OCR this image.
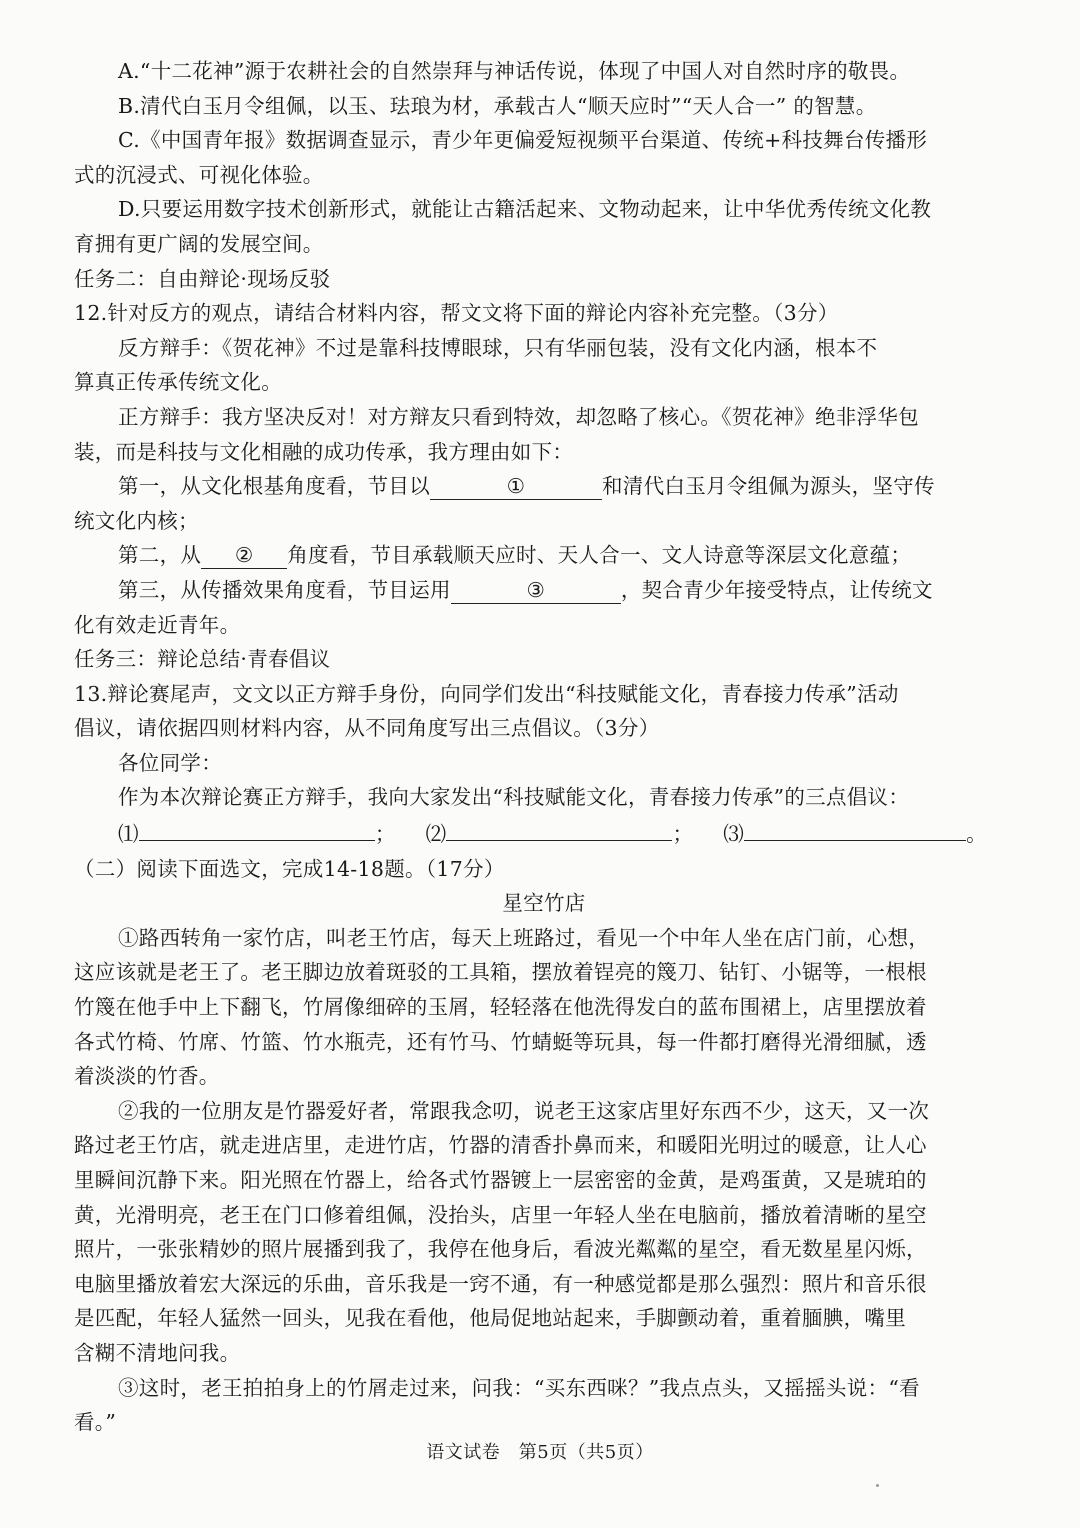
A.“十二花神”源于农耕社会的自然崇拜与神话传说，体现了中国人对自然时序的敬畏。
B.清代白玉月令组佩，以玉、珐琅为材，承载古人“顺天应时”“天人合一” 的智慧。
C.《中国青年报》数据调查显示，青少年更偏爱短视频平台渠道、传统+科技舞台传播形
式的沉浸式、可视化体验。
D.只要运用数字技术创新形式，就能让古籍活起来、文物动起来，让中华优秀传统文化教
育拥有更广阔的发展空间。
任务二：自由辩论·现场反驳
12.针对反方的观点，请结合材料内容，帮文文将下面的辩论内容补充完整。（3分）
反方辩手：《贺花神》不过是靠科技博眼球，只有华丽包装，没有文化内涵，根本不
算真正传承传统文化。
正方辩手：我方坚决反对！对方辩友只看到特效，却忽略了核心。《贺花神》绝非浮华包
装，而是科技与文化相融的成功传承，我方理由如下：
第一，从文化根基角度看，节目以	①	和清代白玉月令组佩为源头，坚守传
统文化内核；
第二，从 ② 角度看，节目承载顺天应时、天人合一、文人诗意等深层文化意蕴；
第三，从传播效果角度看，节目运用	③	，契合青少年接受特点，让传统文
化有效走近青年。
任务三：辩论总结·青春倡议
13.辩论赛尾声，文文以正方辩手身份，向同学们发出“科技赋能文化，青春接力传承”活动
倡议，请依据四则材料内容，从不同角度写出三点倡议。（3分）
各位同学：
作为本次辩论赛正方辩手，我向大家发出“科技赋能文化，青春接力传承”的三点倡议：
⑴	； ⑵	； ⑶	。
（二）阅读下面选文，完成14-18题。（17分）
星空竹店
①路西转角一家竹店，叫老王竹店，每天上班路过，看见一个中年人坐在店门前，心想，
这应该就是老王了。老王脚边放着斑驳的工具箱，摆放着锃亮的篾刀、钻钉、小锯等，一根根
竹篾在他手中上下翻飞，竹屑像细碎的玉屑，轻轻落在他洗得发白的蓝布围裙上，店里摆放着
各式竹椅、竹席、竹篮、竹水瓶壳，还有竹马、竹蜻蜓等玩具，每一件都打磨得光滑细腻，透
着淡淡的竹香。
②我的一位朋友是竹器爱好者，常跟我念叨，说老王这家店里好东西不少，这天，又一次
路过老王竹店，就走进店里，走进竹店，竹器的清香扑鼻而来，和暖阳光明过的暖意，让人心
里瞬间沉静下来。阳光照在竹器上，给各式竹器镀上一层密密的金黄，是鸡蛋黄，又是琥珀的
黄，光滑明亮，老王在门口修着组佩，没抬头，店里一年轻人坐在电脑前，播放着清晰的星空
照片，一张张精妙的照片展播到我了，我停在他身后，看波光粼粼的星空，看无数星星闪烁，
电脑里播放着宏大深远的乐曲，音乐我是一窍不通，有一种感觉都是那么强烈：照片和音乐很
是匹配，年轻人猛然一回头，见我在看他，他局促地站起来，手脚颤动着，重着腼腆，嘴里
含糊不清地问我。
③这时，老王拍拍身上的竹屑走过来，问我：“买东西咪？”我点点头，又摇摇头说：“看
看。”
语文试卷　第5页（共5页）
